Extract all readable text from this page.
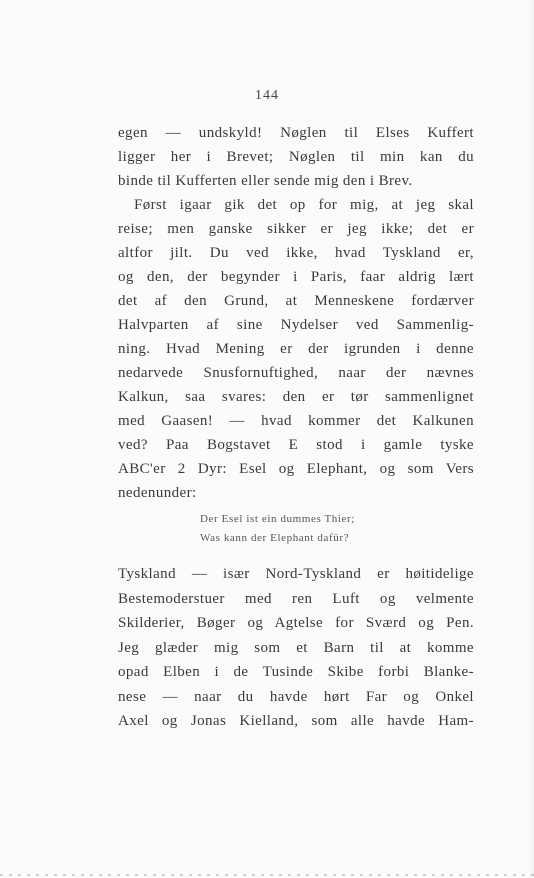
144
egen — undskyld! Nøglen til Elses Kuffert
ligger her i Brevet; Nøglen til min kan du
binde til Kufferten eller sende mig den i Brev.
Først igaar gik det op for mig, at jeg skal
reise; men ganske sikker er jeg ikke; det er
altfor jilt. Du ved ikke, hvad Tyskland er,
og den, der begynder i Paris, faar aldrig lært
det af den Grund, at Menneskene fordærver
Halvparten af sine Nydelser ved Sammenlig-
ning. Hvad Mening er der igrunden i denne
nedarvede Snusfornuftighed, naar der nævnes
Kalkun, saa svares: den er tør sammenlignet
med Gaasen! — hvad kommer det Kalkunen
ved? Paa Bogstavet E stod i gamle tyske
ABC'er 2 Dyr: Esel og Elephant, og som Vers
nedenunder:
Der Esel ist ein dummes Thier;
Was kann der Elephant dafür?
Tyskland — især Nord-Tyskland er høitidelige
Bestemoderstuer med ren Luft og velmente
Skilderier, Bøger og Agtelse for Sværd og Pen.
Jeg glæder mig som et Barn til at komme
opad Elben i de Tusinde Skibe forbi Blanke-
nese — naar du havde hørt Far og Onkel
Axel og Jonas Kielland, som alle havde Ham-
